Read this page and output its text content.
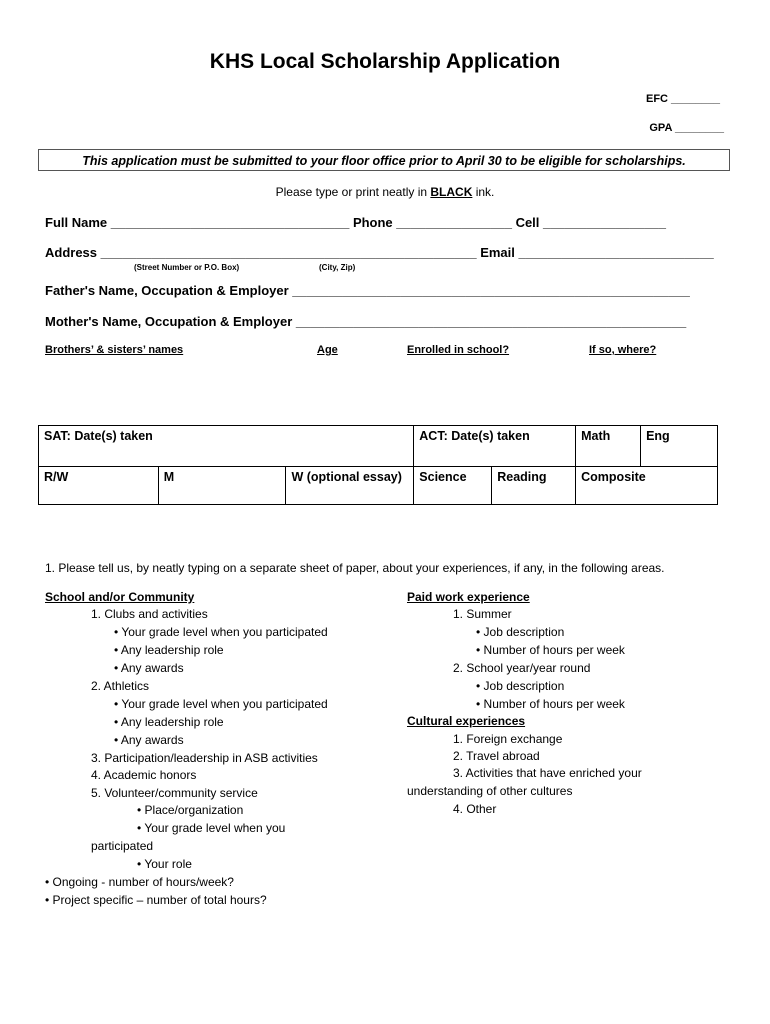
KHS Local Scholarship Application
EFC ________
GPA ________
This application must be submitted to your floor office prior to April 30 to be eligible for scholarships.
Please type or print neatly in BLACK ink.
Full Name _________________________________ Phone ________________ Cell _________________
Address ____________________________________________________ Email ___________________________
(Street Number or P.O. Box)	(City, Zip)
Father's Name, Occupation & Employer _______________________________________________________
Mother's Name, Occupation & Employer ______________________________________________________
Brothers’ & sisters’ names	Age	Enrolled in school?	If so, where?
SAT: Date(s) taken			ACT: Date(s) taken		Math	Eng
R/W	M	W (optional essay)	Science	Reading	Composite	
1. Please tell us, by neatly typing on a separate sheet of paper, about your experiences, if any, in the following areas.
School and/or Community
1. Clubs and activities
• Your grade level when you participated
• Any leadership role
• Any awards
2. Athletics
• Your grade level when you participated
• Any leadership role
• Any awards
3. Participation/leadership in ASB activities
4. Academic honors
5. Volunteer/community service
• Place/organization
• Your grade level when you
participated
• Your role
• Ongoing - number of hours/week?
• Project specific – number of total hours?
Paid work experience
1. Summer
• Job description
• Number of hours per week
2. School year/year round
• Job description
• Number of hours per week
Cultural experiences
1. Foreign exchange
2. Travel abroad
3. Activities that have enriched your
understanding of other cultures
4. Other
